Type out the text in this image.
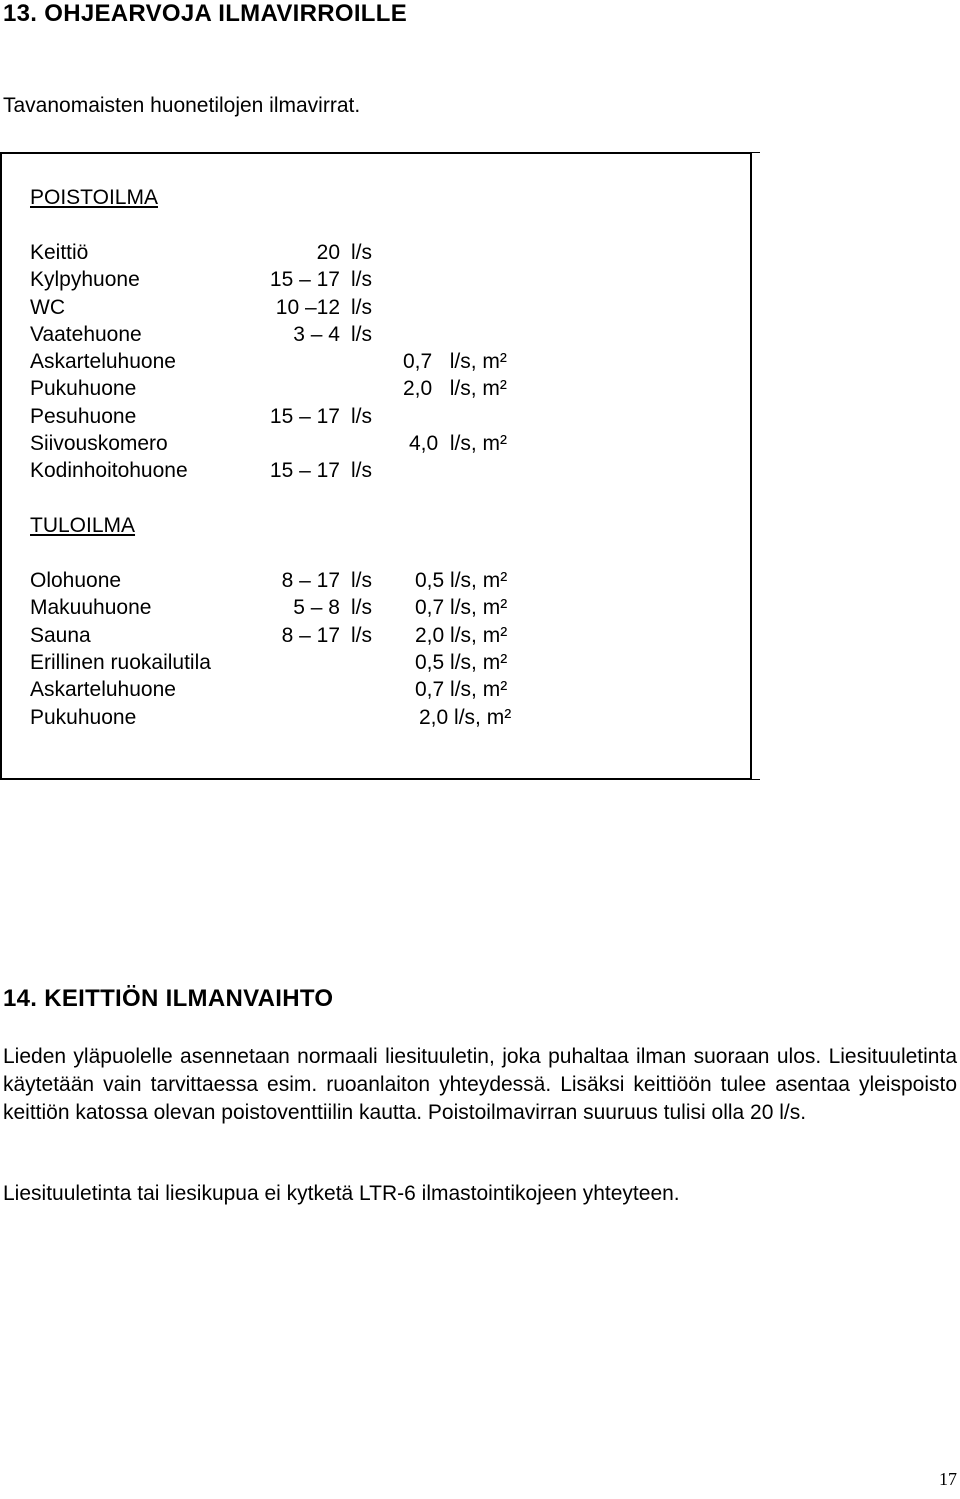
13. OHJEARVOJA ILMAVIRROILLE
Tavanomaisten huonetilojen ilmavirrat.
POISTOILMA
Keittiö	20 l/s
Kylpyhuone	15 – 17 l/s
WC	10 –12 l/s
Vaatehuone	3 – 4 l/s
Askarteluhuone	0,7   l/s, m²
Pukuhuone	2,0   l/s, m²
Pesuhuone	15 – 17 l/s
Siivouskomero	4,0  l/s, m²
Kodinhoitohuone	15 – 17 l/s
TULOILMA
Olohuone	8 – 17 l/s 0,5 l/s, m²
Makuuhuone	5 – 8 l/s 0,7 l/s, m²
Sauna	8 – 17 l/s 2,0 l/s, m²
Erillinen ruokailutila	0,5 l/s, m²
Askarteluhuone	0,7 l/s, m²
Pukuhuone	2,0 l/s, m²
14. KEITTIÖN ILMANVAIHTO
Lieden yläpuolelle asennetaan normaali liesituuletin, joka puhaltaa ilman suoraan ulos. Liesituuletinta käytetään vain tarvittaessa esim. ruoanlaiton yhteydessä. Lisäksi keittiöön tulee asentaa yleispoisto keittiön katossa olevan poistoventtiilin kautta. Poistoilmavirran suuruus tulisi olla 20 l/s.
Liesituuletinta tai liesikupua ei kytketä LTR-6 ilmastointikojeen yhteyteen.
17
